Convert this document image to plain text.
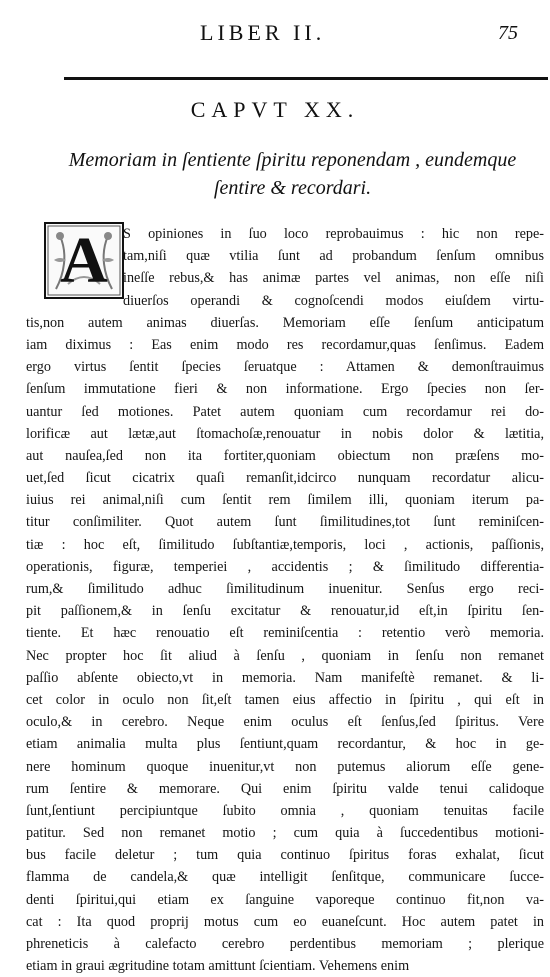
LIBER II.	75
CAPVT XX.
Memoriam in ſentiente ſpiritu reponendam , eundemque
ſentire & recordari.
A	S opiniones in ſuo loco reprobauimus : hic non repe-
tam,niſi quæ vtilia ſunt ad probandum ſenſum omnibus
ineſſe rebus,& has animæ partes vel animas, non eſſe niſi
diuerſos operandi & cognoſcendi modos eiuſdem virtu-
tis,non autem animas diuerſas. Memoriam eſſe ſenſum anticipatum
iam diximus : Eas enim modo res recordamur,quas ſenſimus. Eadem
ergo virtus ſentit ſpecies ſeruatque : Attamen & demonſtrauimus
ſenſum immutatione fieri & non informatione. Ergo ſpecies non ſer-
uantur ſed motiones. Patet autem quoniam cum recordamur rei do-
lorificæ aut lætæ,aut ſtomachoſæ,renouatur in nobis dolor & lætitia,
aut nauſea,ſed non ita fortiter,quoniam obiectum non præſens mo-
uet,ſed ſicut cicatrix quaſi remanſit,idcirco nunquam recordatur alicu-
iuius rei animal,niſi cum ſentit rem ſimilem illi, quoniam iterum pa-
titur conſimiliter. Quot autem ſunt ſimilitudines,tot ſunt reminiſcen-
tiæ : hoc eſt, ſimilitudo ſubſtantiæ,temporis, loci , actionis, paſſionis,
operationis, figuræ, temperiei , accidentis ; & ſimilitudo differentia-
rum,& ſimilitudo adhuc ſimilitudinum inuenitur. Senſus ergo reci-
pit paſſionem,& in ſenſu excitatur & renouatur,id eſt,in ſpiritu ſen-
tiente. Et hæc renouatio eſt reminiſcentia : retentio verò memoria.
Nec propter hoc ſit aliud à ſenſu , quoniam in ſenſu non remanet
paſſio abſente obiecto,vt in memoria. Nam manifeſtè remanet. & li-
cet color in oculo non ſit,eſt tamen eius affectio in ſpiritu , qui eſt in
oculo,& in cerebro. Neque enim oculus eſt ſenſus,ſed ſpiritus. Vere
etiam animalia multa plus ſentiunt,quam recordantur, & hoc in ge-
nere hominum quoque inuenitur,vt non putemus aliorum eſſe gene-
rum ſentire & memorare. Qui enim ſpiritu valde tenui calidoque
ſunt,ſentiunt percipiuntque ſubito omnia , quoniam tenuitas facile
patitur. Sed non remanet motio ; cum quia à ſuccedentibus motioni-
bus facile deletur ; tum quia continuo ſpiritus foras exhalat, ſicut
flamma de candela,& quæ intelligit ſenſitque, communicare ſucce-
denti ſpiritui,qui etiam ex ſanguine vaporeque continuo fit,non va-
cat : Ita quod proprij motus cum eo euaneſcunt. Hoc autem patet in
phreneticis à calefacto cerebro perdentibus memoriam ; plerique
etiam in graui ægritudine totam amittunt ſcientiam. Vehemens enim
